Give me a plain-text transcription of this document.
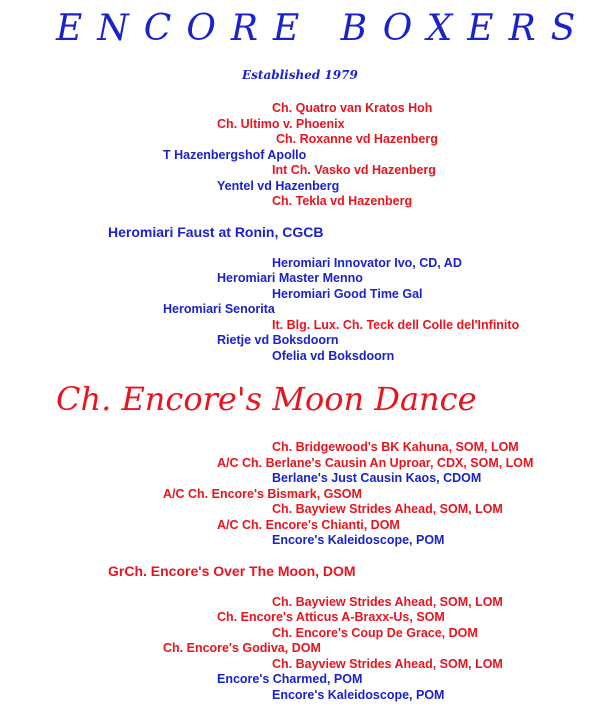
ENCORE BOXERS
Established 1979
Ch. Quatro van Kratos Hoh
Ch. Ultimo v. Phoenix
Ch. Roxanne vd Hazenberg
T Hazenbergshof Apollo
Int Ch. Vasko vd Hazenberg
Yentel vd Hazenberg
Ch. Tekla vd Hazenberg
Heromiari Faust at Ronin, CGCB
Heromiari Innovator Ivo, CD, AD
Heromiari Master Menno
Heromiari Good Time Gal
Heromiari Senorita
It. Blg. Lux. Ch. Teck dell Colle del'Infinito
Rietje vd Boksdoorn
Ofelia vd Boksdoorn
Ch. Encore's Moon Dance
Ch. Bridgewood's BK Kahuna, SOM, LOM
A/C Ch. Berlane's Causin An Uproar, CDX, SOM, LOM
Berlane's Just Causin Kaos, CDOM
A/C Ch. Encore's Bismark, GSOM
Ch. Bayview Strides Ahead, SOM, LOM
A/C Ch. Encore's Chianti, DOM
Encore's Kaleidoscope, POM
GrCh. Encore's Over The Moon, DOM
Ch. Bayview Strides Ahead, SOM, LOM
Ch. Encore's Atticus A-Braxx-Us, SOM
Ch. Encore's Coup De Grace, DOM
Ch. Encore's Godiva, DOM
Ch. Bayview Strides Ahead, SOM, LOM
Encore's Charmed, POM
Encore's Kaleidoscope, POM
